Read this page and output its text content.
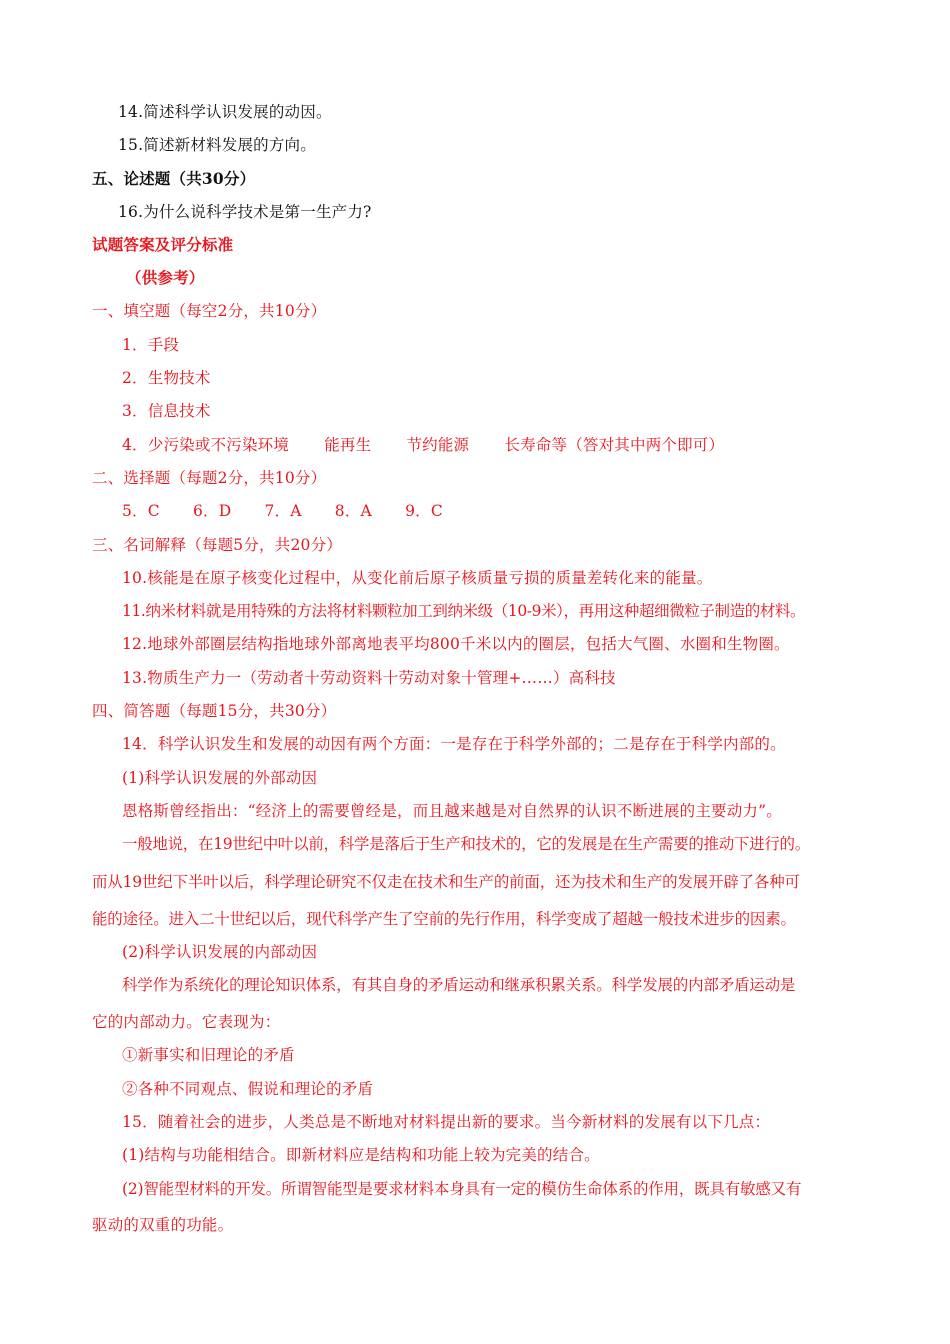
14.简述科学认识发展的动因。
15.简述新材料发展的方向。
五、论述题（共30分）
16.为什么说科学技术是第一生产力?
试题答案及评分标准
（供参考）
一、填空题（每空2分，共10分）
1．手段
2．生物技术
3．信息技术
4．少污染或不污染环境 能再生 节约能源 长寿命等（答对其中两个即可）
二、选择题（每题2分，共10分）
5．C 6．D 7．A 8．A 9．C
三、名词解释（每题5分，共20分）
10.核能是在原子核变化过程中，从变化前后原子核质量亏损的质量差转化来的能量。
11.纳米材料就是用特殊的方法将材料颗粒加工到纳米级（10-9米），再用这种超细微粒子制造的材料。
12.地球外部圈层结构指地球外部离地表平均800千米以内的圈层，包括大气圈、水圈和生物圈。
13.物质生产力一（劳动者十劳动资料十劳动对象十管理+……）高科技
四、简答题（每题15分，共30分）
14．科学认识发生和发展的动因有两个方面：一是存在于科学外部的；二是存在于科学内部的。
(1)科学认识发展的外部动因
恩格斯曾经指出：“经济上的需要曾经是，而且越来越是对自然界的认识不断进展的主要动力”。
一般地说，在19世纪中叶以前，科学是落后于生产和技术的，它的发展是在生产需要的推动下进行的。
而从19世纪下半叶以后，科学理论研究不仅走在技术和生产的前面，还为技术和生产的发展开辟了各种可
能的途径。进入二十世纪以后，现代科学产生了空前的先行作用，科学变成了超越一般技术进步的因素。
(2)科学认识发展的内部动因
科学作为系统化的理论知识体系，有其自身的矛盾运动和继承积累关系。科学发展的内部矛盾运动是
它的内部动力。它表现为：
①新事实和旧理论的矛盾
②各种不同观点、假说和理论的矛盾
15．随着社会的进步，人类总是不断地对材料提出新的要求。当今新材料的发展有以下几点：
(1)结构与功能相结合。即新材料应是结构和功能上较为完美的结合。
(2)智能型材料的开发。所谓智能型是要求材料本身具有一定的模仿生命体系的作用，既具有敏感又有
驱动的双重的功能。
